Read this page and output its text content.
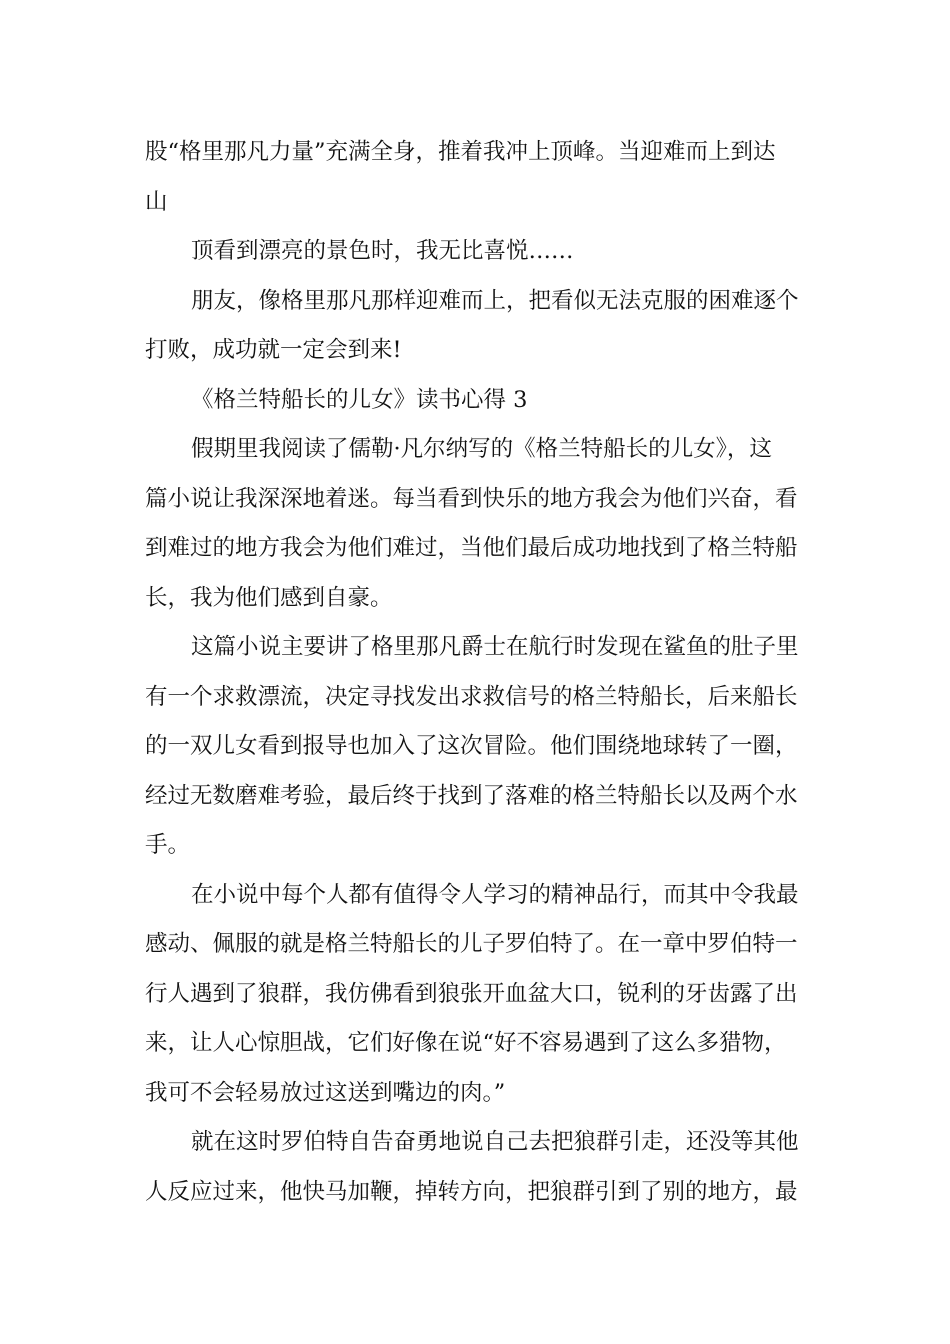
股“格里那凡力量”充满全身，推着我冲上顶峰。当迎难而上到达
山
顶看到漂亮的景色时，我无比喜悦……
朋友，像格里那凡那样迎难而上，把看似无法克服的困难逐个
打败，成功就一定会到来!
《格兰特船长的儿女》读书心得 3
假期里我阅读了儒勒·凡尔纳写的《格兰特船长的儿女》，这
篇小说让我深深地着迷。每当看到快乐的地方我会为他们兴奋，看
到难过的地方我会为他们难过，当他们最后成功地找到了格兰特船
长，我为他们感到自豪。
这篇小说主要讲了格里那凡爵士在航行时发现在鲨鱼的肚子里
有一个求救漂流，决定寻找发出求救信号的格兰特船长，后来船长
的一双儿女看到报导也加入了这次冒险。他们围绕地球转了一圈，
经过无数磨难考验，最后终于找到了落难的格兰特船长以及两个水
手。
在小说中每个人都有值得令人学习的精神品行，而其中令我最
感动、佩服的就是格兰特船长的儿子罗伯特了。在一章中罗伯特一
行人遇到了狼群，我仿佛看到狼张开血盆大口，锐利的牙齿露了出
来，让人心惊胆战，它们好像在说“好不容易遇到了这么多猎物，
我可不会轻易放过这送到嘴边的肉。”
就在这时罗伯特自告奋勇地说自己去把狼群引走，还没等其他
人反应过来，他快马加鞭，掉转方向，把狼群引到了别的地方，最
